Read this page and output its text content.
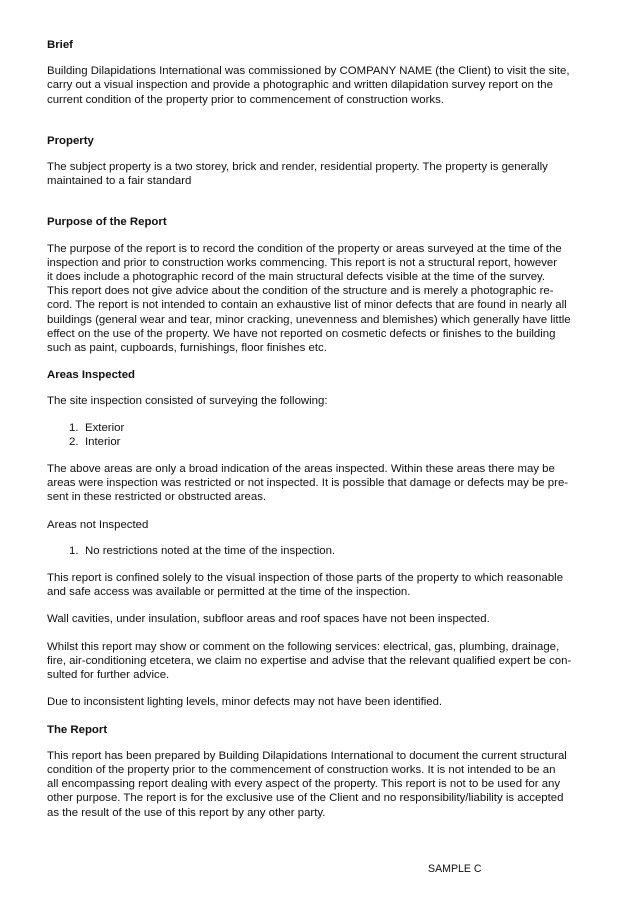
Brief

Building Dilapidations International was commissioned by COMPANY NAME (the Client) to visit the site,

carry out a visual inspection and provide a photographic and written dilapidation survey report on the

current condition of the property prior to commencement of construction works.

Property

The subject property is a two storey, brick and render, residential property. The property is generally

maintained to a fair standard

Purpose of the Report

The purpose of the report is to record the condition of the property or areas surveyed at the time of the

inspection and prior to construction works commencing. This report is not a structural report, however

it does include a photographic record of the main structural defects visible at the time of the survey.

This report does not give advice about the condition of the structure and is merely a photographic re-

cord. The report is not intended to contain an exhaustive list of minor defects that are found in nearly all

buildings (general wear and tear, minor cracking, unevenness and blemishes) which generally have little

effect on the use of the property. We have not reported on cosmetic defects or finishes to the building

such as paint, cupboards, furnishings, floor finishes etc.

Areas Inspected

The site inspection consisted of surveying the following:

1. Exterior
2. Interior

The above areas are only a broad indication of the areas inspected. Within these areas there may be

areas were inspection was restricted or not inspected. It is possible that damage or defects may be pre-

sent in these restricted or obstructed areas.

Areas not Inspected

1. No restrictions noted at the time of the inspection.

This report is confined solely to the visual inspection of those parts of the property to which reasonable

and safe access was available or permitted at the time of the inspection.

Wall cavities, under insulation, subfloor areas and roof spaces have not been inspected.

Whilst this report may show or comment on the following services: electrical, gas, plumbing, drainage,

fire, air-conditioning etcetera, we claim no expertise and advise that the relevant qualified expert be con-

sulted for further advice.

Due to inconsistent lighting levels, minor defects may not have been identified.

The Report

This report has been prepared by Building Dilapidations International to document the current structural

condition of the property prior to the commencement of construction works. It is not intended to be an

all encompassing report dealing with every aspect of the property. This report is not to be used for any

other purpose. The report is for the exclusive use of the Client and no responsibility/liability is accepted

as the result of the use of this report by any other party.

SAMPLE C
